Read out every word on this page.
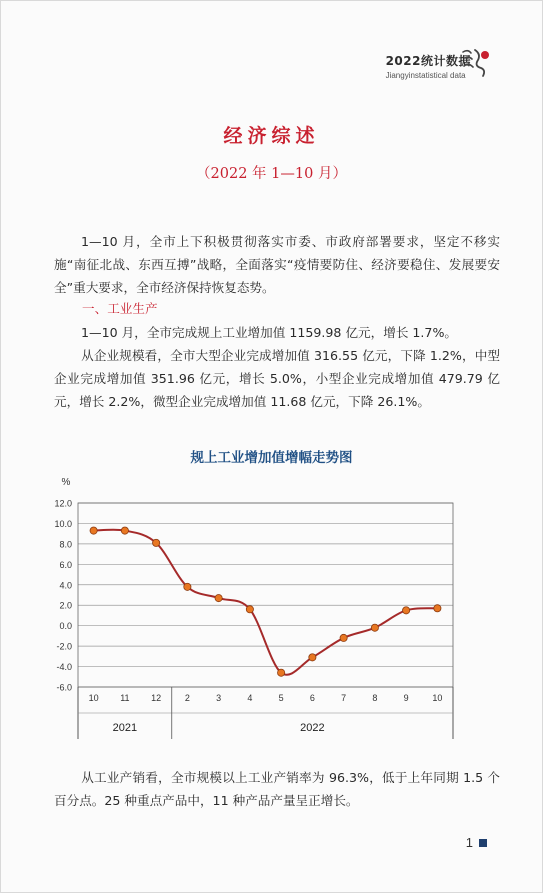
2022统计数据
Jiangyinstatistical data
经济综述
（2022 年 1—10 月）
1—10 月，全市上下积极贯彻落实市委、市政府部署要求，坚定不移实施“南征北战、东西互搏”战略，全面落实“疫情要防住、经济要稳住、发展要安全”重大要求，全市经济保持恢复态势。
一、工业生产
1—10 月，全市完成规上工业增加值 1159.98 亿元，增长 1.7%。
从企业规模看，全市大型企业完成增加值 316.55 亿元，下降 1.2%，中型企业完成增加值 351.96 亿元，增长 5.0%，小型企业完成增加值 479.79 亿元，增长 2.2%，微型企业完成增加值 11.68 亿元，下降 26.1%。
规上工业增加值增幅走势图
%
12.0
10.0
8.0
6.0
4.0
2.0
0.0
-2.0
-4.0
-6.0
10 11 12	2	3	4	5	6	7	8	9	10
2021	2022
从工业产销看，全市规模以上工业产销率为 96.3%，低于上年同期 1.5 个百分点。25 种重点产品中，11 种产品产量呈正增长。
1
